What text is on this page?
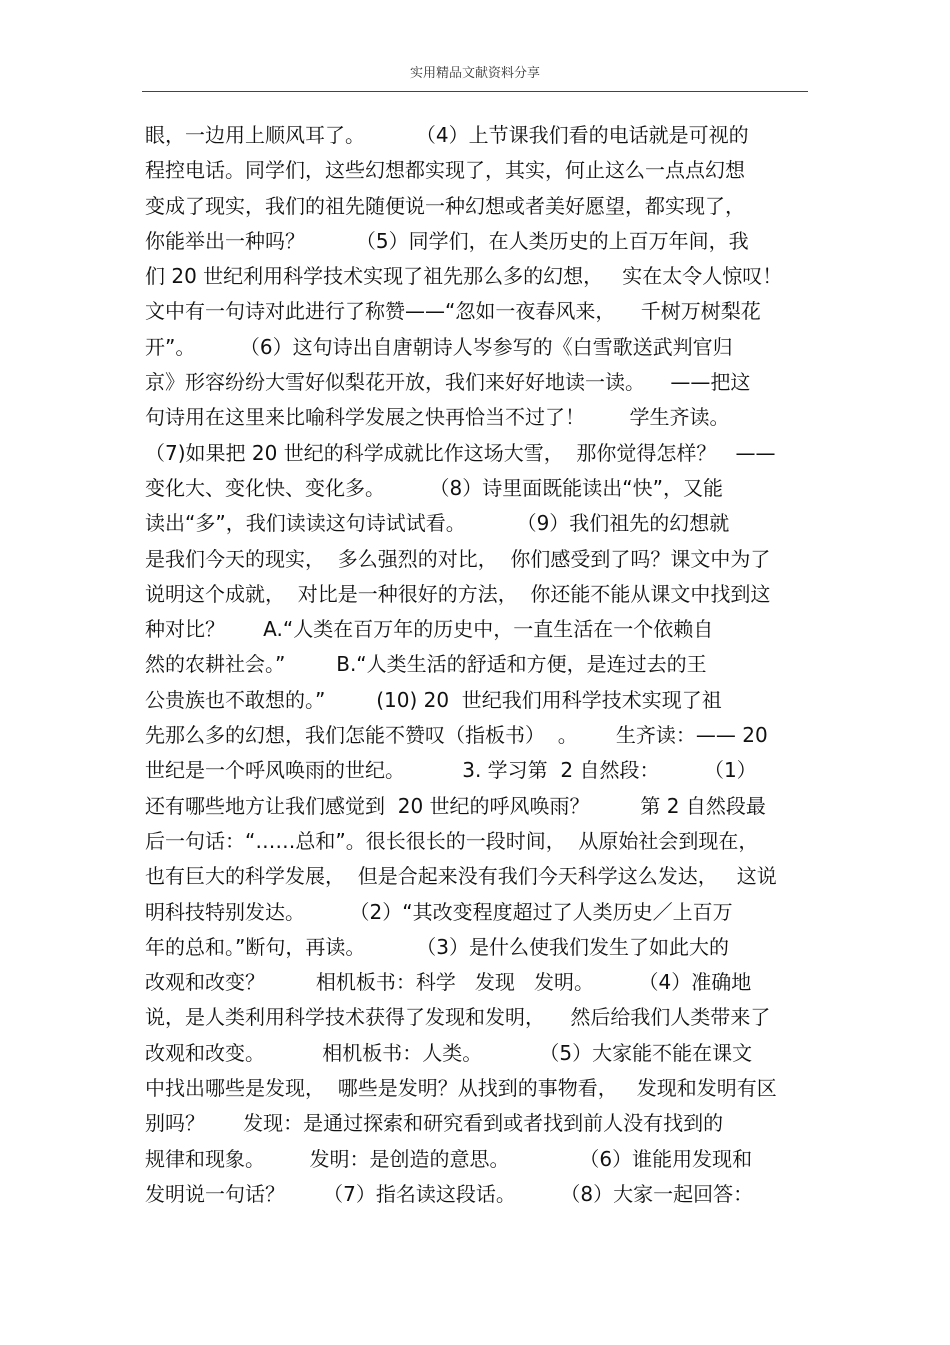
实用精品文献资料分享
眼，一边用上顺风耳了。        （4）上节课我们看的电话就是可视的
程控电话。同学们，这些幻想都实现了，其实，何止这么一点点幻想
变成了现实，我们的祖先随便说一种幻想或者美好愿望，都实现了，
你能举出一种吗？        （5）同学们，在人类历史的上百万年间，我
们 20 世纪利用科学技术实现了祖先那么多的幻想，   实在太令人惊叹！
文中有一句诗对此进行了称赞——“忽如一夜春风来，    千树万树梨花
开”。       （6）这句诗出自唐朝诗人岑参写的《白雪歌送武判官归
京》形容纷纷大雪好似梨花开放，我们来好好地读一读。    ——把这
句诗用在这里来比喻科学发展之快再恰当不过了！       学生齐读。
（7)如果把 20 世纪的科学成就比作这场大雪，  那你觉得怎样？   ——
变化大、变化快、变化多。       （8）诗里面既能读出“快”，又能
读出“多”，我们读读这句诗试试看。        （9）我们祖先的幻想就
是我们今天的现实，  多么强烈的对比，  你们感受到了吗？课文中为了
说明这个成就，  对比是一种很好的方法，  你还能不能从课文中找到这
种对比？      A.“人类在百万年的历史中，一直生活在一个依赖自
然的农耕社会。”        B.“人类生活的舒适和方便，是连过去的王
公贵族也不敢想的。”        (10) 20  世纪我们用科学技术实现了祖
先那么多的幻想，我们怎能不赞叹（指板书）  。      生齐读：—— 20
世纪是一个呼风唤雨的世纪。         3. 学习第  2 自然段：       （1）
还有哪些地方让我们感觉到  20 世纪的呼风唤雨？        第 2 自然段最
后一句话：“……总和”。很长很长的一段时间，  从原始社会到现在，
也有巨大的科学发展，  但是合起来没有我们今天科学这么发达，   这说
明科技特别发达。       （2）“其改变程度超过了人类历史／上百万
年的总和。”断句，再读。        （3）是什么使我们发生了如此大的
改观和改变？        相机板书：科学   发现   发明。       （4）准确地
说，是人类利用科学技术获得了发现和发明，    然后给我们人类带来了
改观和改变。         相机板书：人类。         （5）大家能不能在课文
中找出哪些是发现，  哪些是发明？从找到的事物看，   发现和发明有区
别吗？      发现：是通过探索和研究看到或者找到前人没有找到的
规律和现象。       发明：是创造的意思。           （6）谁能用发现和
发明说一句话？      （7）指名读这段话。       （8）大家一起回答：
